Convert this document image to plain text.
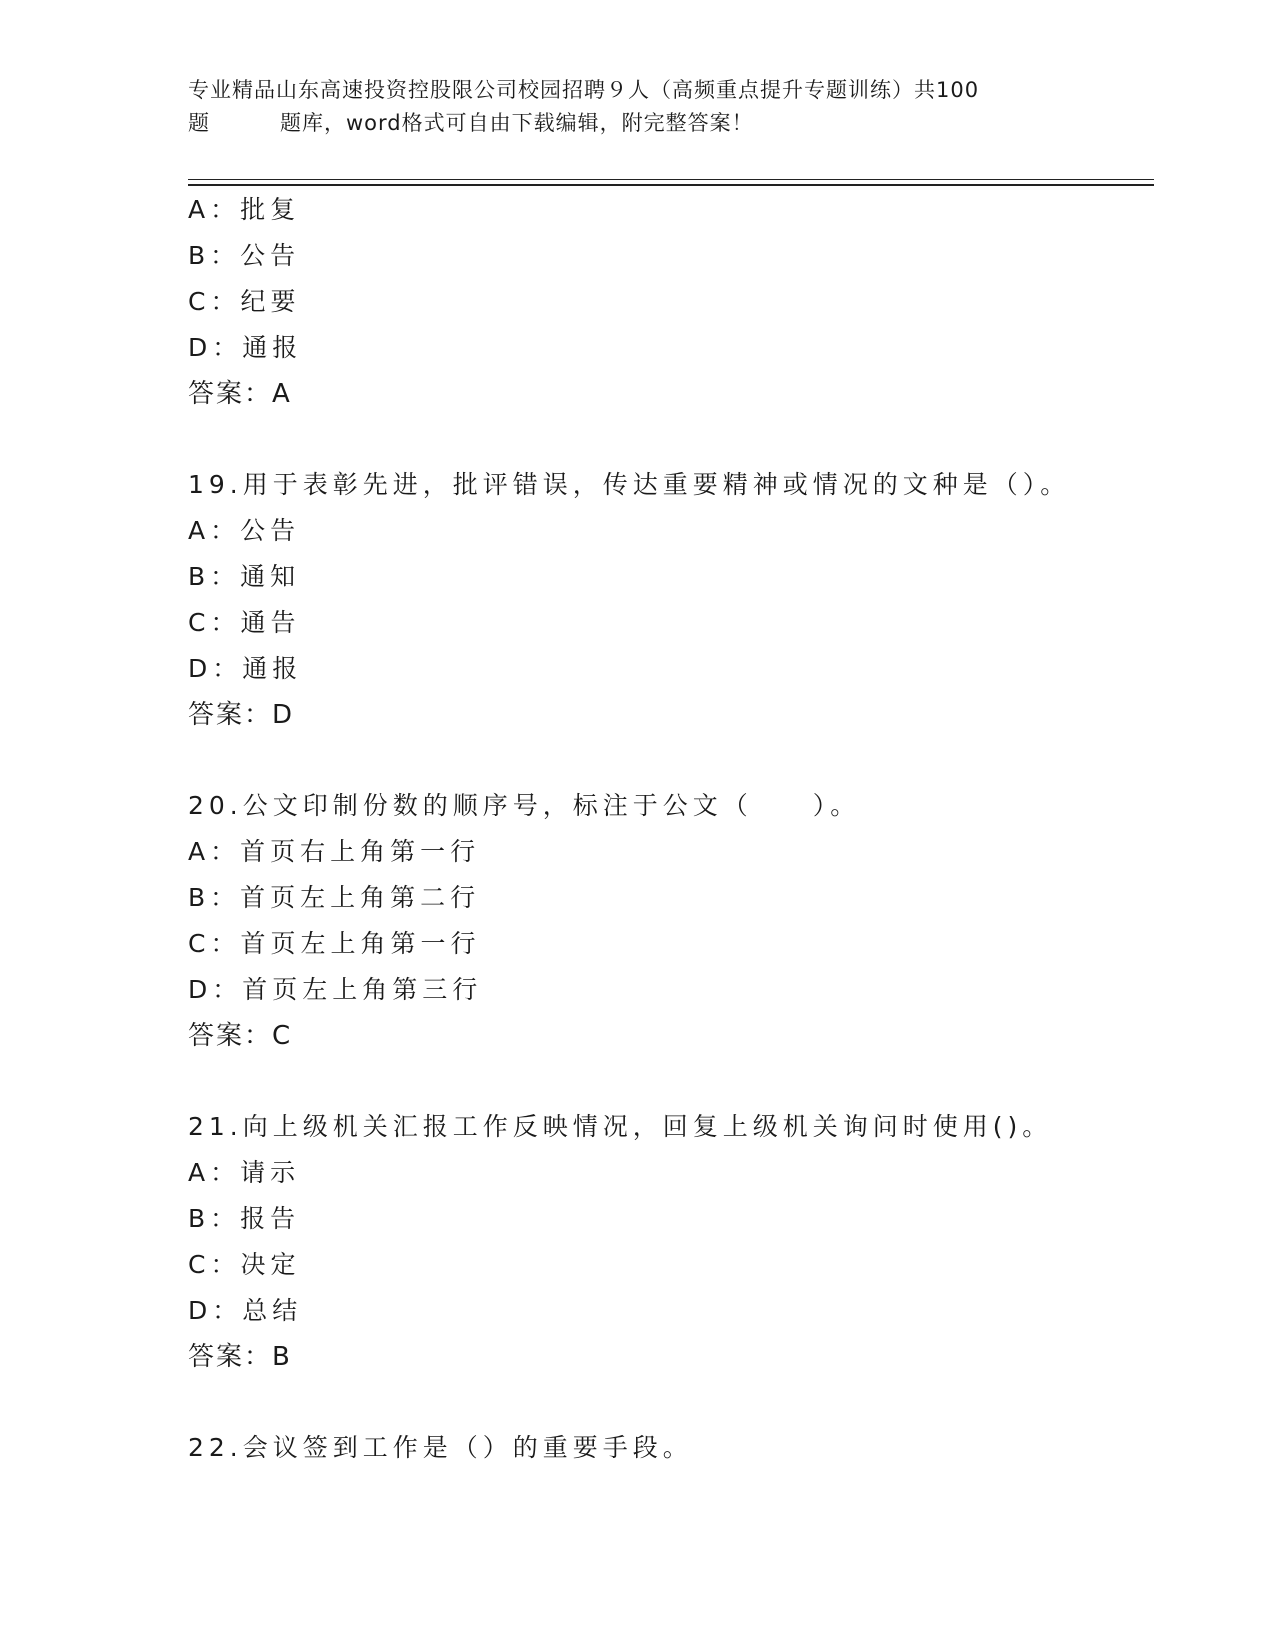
专业精品山东高速投资控股限公司校园招聘９人（高频重点提升专题训练）共100
题	题库，word格式可自由下载编辑，附完整答案！
A：批复
B：公告
C：纪要
D：通报
答案：A
19.用于表彰先进，批评错误，传达重要精神或情况的文种是（）。
A：公告
B：通知
C：通告
D：通报
答案：D
20.公文印制份数的顺序号，标注于公文（　　）。
A：首页右上角第一行
B：首页左上角第二行
C：首页左上角第一行
D：首页左上角第三行
答案：C
21.向上级机关汇报工作反映情况，回复上级机关询问时使用()。
A：请示
B：报告
C：决定
D：总结
答案：B
22.会议签到工作是（）的重要手段。
